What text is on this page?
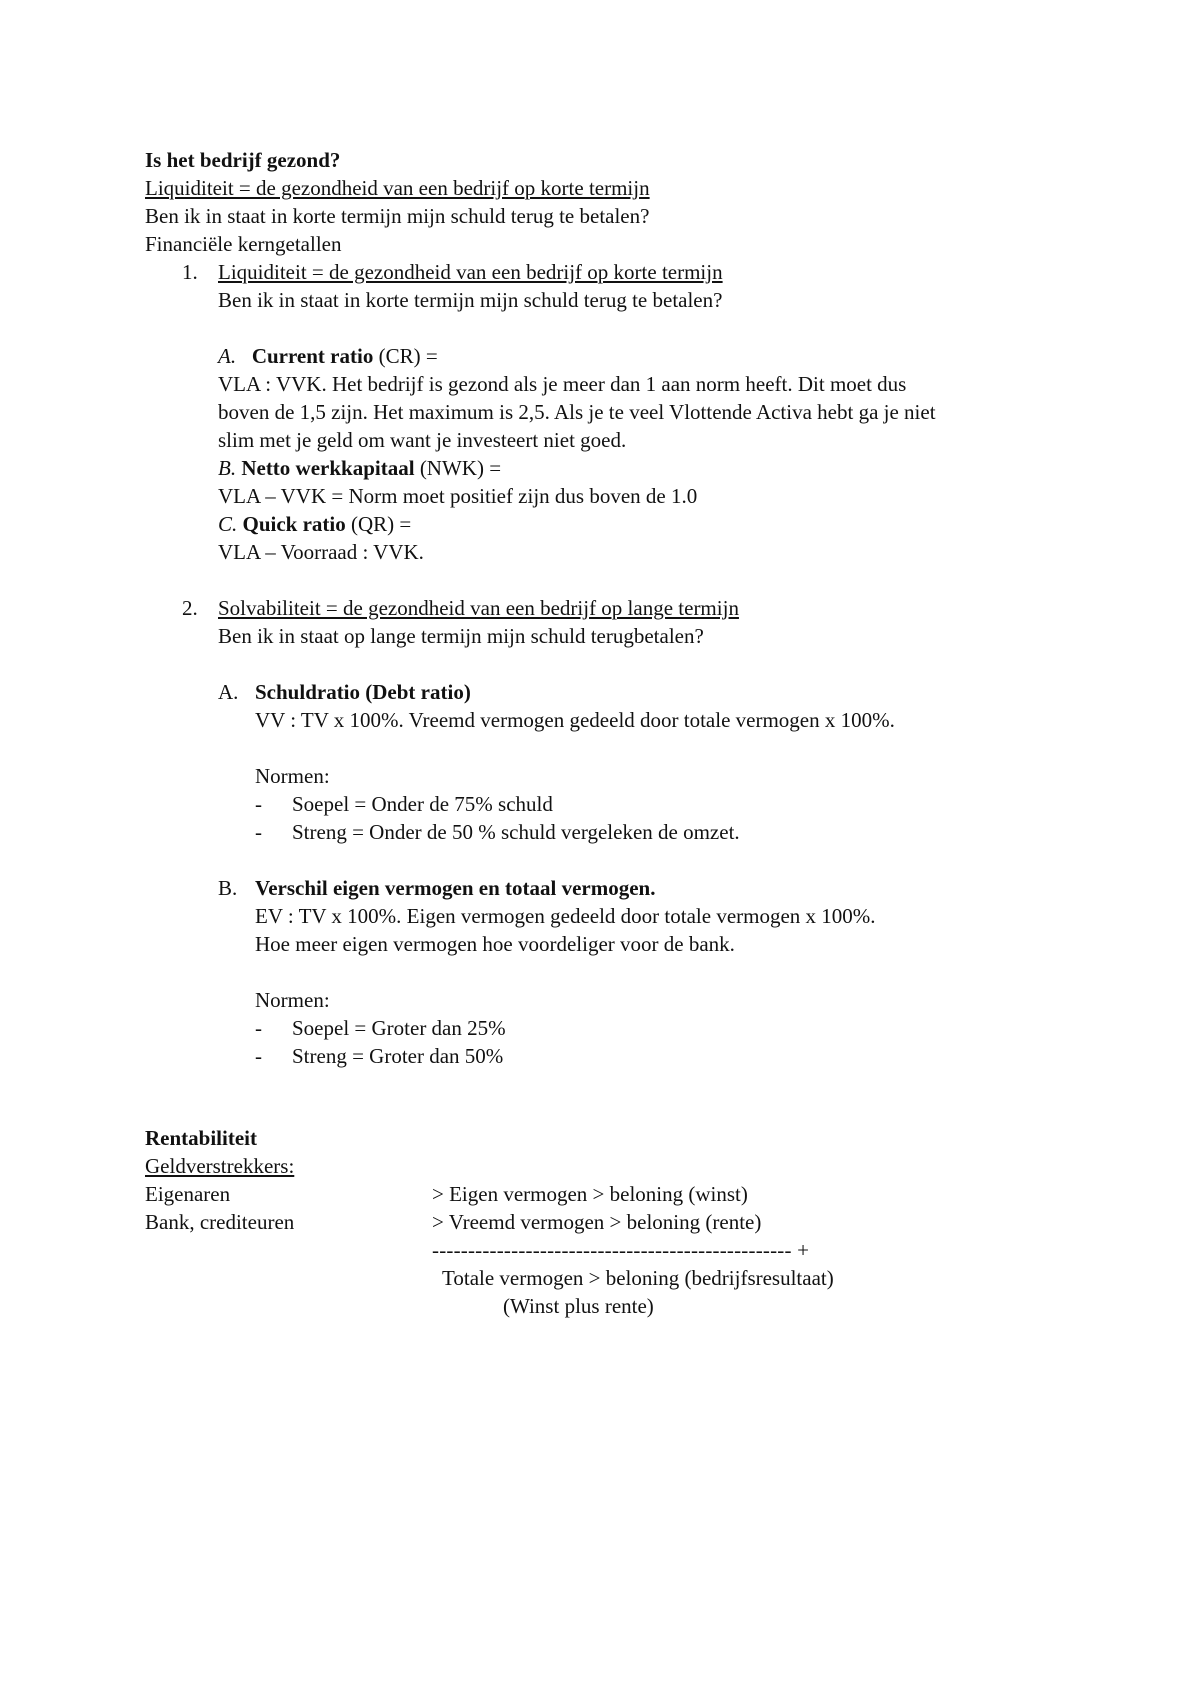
Is het bedrijf gezond?
Liquiditeit = de gezondheid van een bedrijf op korte termijn
Ben ik in staat in korte termijn mijn schuld terug te betalen?
Financiële kerngetallen
1. Liquiditeit = de gezondheid van een bedrijf op korte termijn
Ben ik in staat in korte termijn mijn schuld terug te betalen?
A. Current ratio (CR) =
VLA : VVK. Het bedrijf is gezond als je meer dan 1 aan norm heeft. Dit moet dus
boven de 1,5 zijn. Het maximum is 2,5. Als je te veel Vlottende Activa hebt ga je niet
slim met je geld om want je investeert niet goed.
B. Netto werkkapitaal (NWK) =
VLA – VVK = Norm moet positief zijn dus boven de 1.0
C. Quick ratio (QR) =
VLA – Voorraad : VVK.
2. Solvabiliteit = de gezondheid van een bedrijf op lange termijn
Ben ik in staat op lange termijn mijn schuld terugbetalen?
A. Schuldratio (Debt ratio)
VV : TV x 100%. Vreemd vermogen gedeeld door totale vermogen x 100%.
Normen:
- Soepel = Onder de 75% schuld
- Streng = Onder de 50 % schuld vergeleken de omzet.
B. Verschil eigen vermogen en totaal vermogen.
EV : TV x 100%. Eigen vermogen gedeeld door totale vermogen x 100%.
Hoe meer eigen vermogen hoe voordeliger voor de bank.
Normen:
- Soepel = Groter dan 25%
- Streng = Groter dan 50%
Rentabiliteit
Geldverstrekkers:
Eigenaren	> Eigen vermogen > beloning (winst)
Bank, crediteuren	> Vreemd vermogen > beloning (rente)
-------------------------------------------------- +
Totale vermogen > beloning (bedrijfsresultaat)
(Winst plus rente)
